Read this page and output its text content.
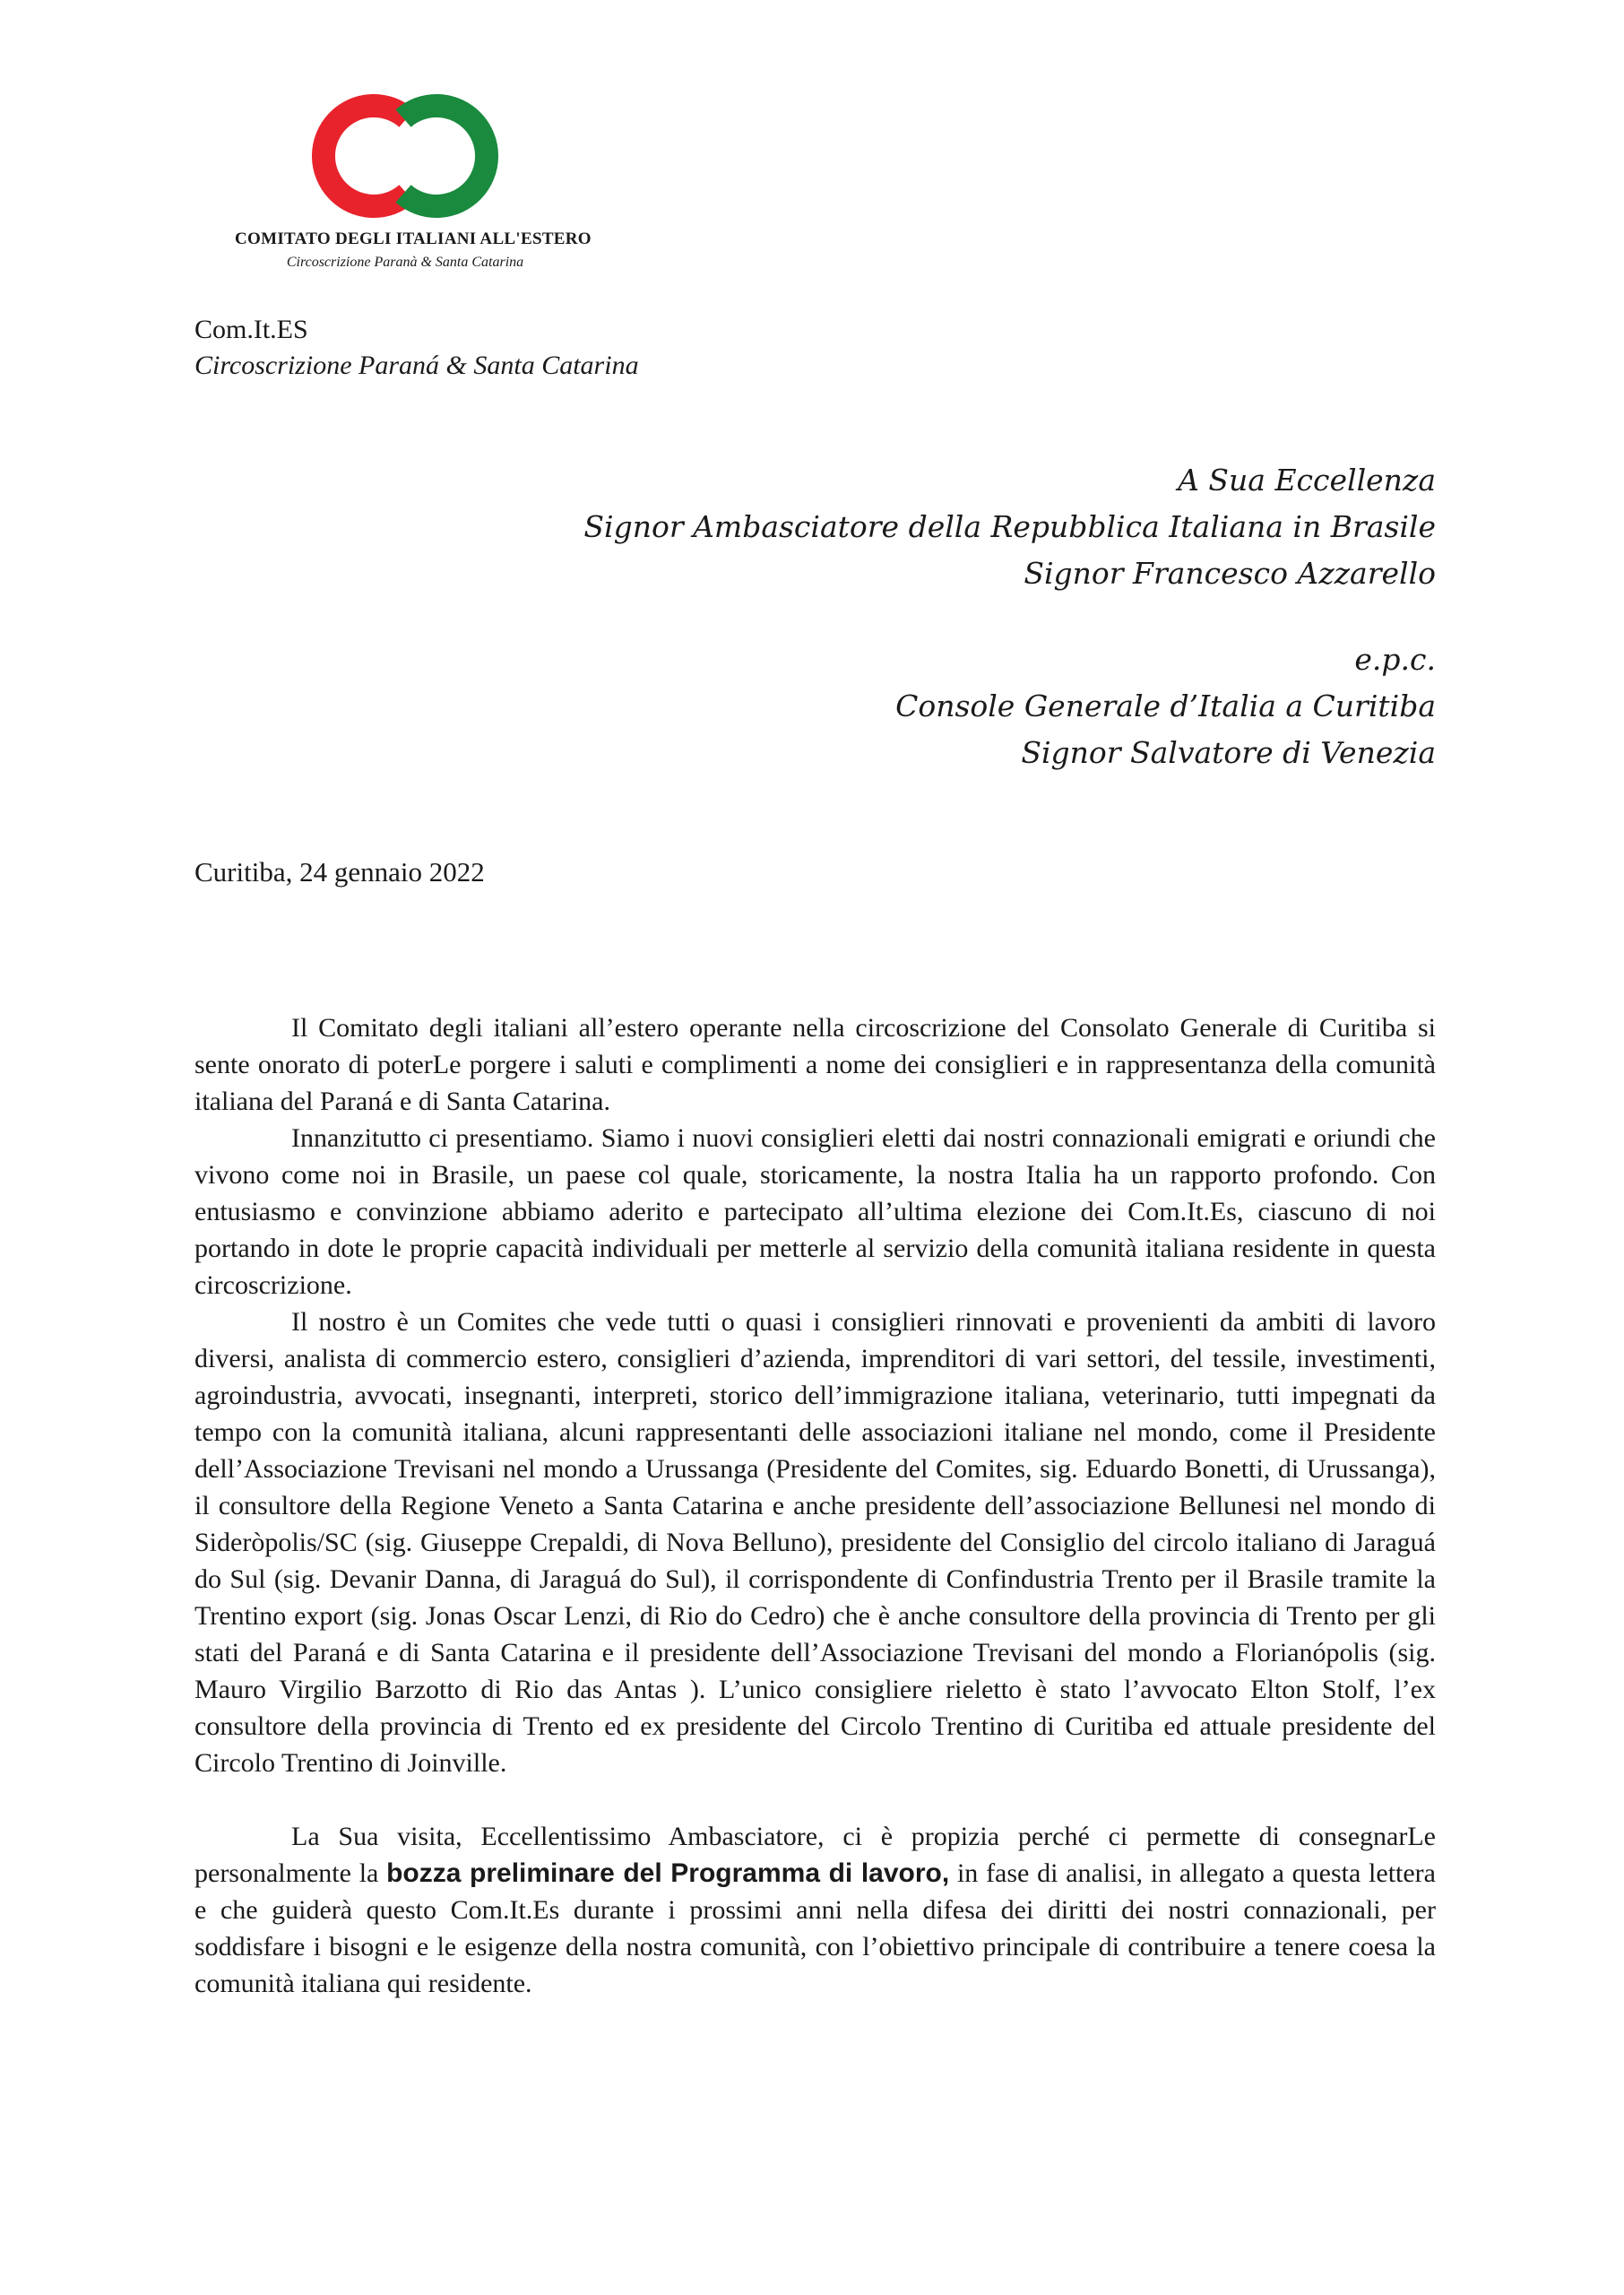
COMITATO DEGLI ITALIANI ALL'ESTERO
Circoscrizione Paranà & Santa Catarina
Com.It.ES
Circoscrizione Paraná & Santa Catarina
A Sua Eccellenza
Signor Ambasciatore della Repubblica Italiana in Brasile
Signor Francesco Azzarello
e.p.c.
Console Generale d’Italia a Curitiba
Signor Salvatore di Venezia
Curitiba, 24 gennaio 2022

Il Comitato degli italiani all’estero operante nella circoscrizione del Consolato Generale di Curitiba si sente onorato di poterLe porgere i saluti e complimenti a nome dei consiglieri e in rappresentanza della comunità italiana del Paraná e di Santa Catarina.

Innanzitutto ci presentiamo. Siamo i nuovi consiglieri eletti dai nostri connazionali emigrati e oriundi che vivono come noi in Brasile, un paese col quale, storicamente, la nostra Italia ha un rapporto profondo. Con entusiasmo e convinzione abbiamo aderito e partecipato all’ultima elezione dei Com.It.Es, ciascuno di noi portando in dote le proprie capacità individuali per metterle al servizio della comunità italiana residente in questa circoscrizione.

Il nostro è un Comites che vede tutti o quasi i consiglieri rinnovati e provenienti da ambiti di lavoro diversi, analista di commercio estero, consiglieri d’azienda, imprenditori di vari settori, del tessile, investimenti, agroindustria, avvocati, insegnanti, interpreti, storico dell’immigrazione italiana, veterinario, tutti impegnati da tempo con la comunità italiana, alcuni rappresentanti delle associazioni italiane nel mondo, come il Presidente dell’Associazione Trevisani nel mondo a Urussanga (Presidente del Comites, sig. Eduardo Bonetti, di Urussanga), il consultore della Regione Veneto a Santa Catarina e anche presidente dell’associazione Bellunesi nel mondo di Sideròpolis/SC (sig. Giuseppe Crepaldi, di Nova Belluno), presidente del Consiglio del circolo italiano di Jaraguá do Sul (sig. Devanir Danna, di Jaraguá do Sul), il corrispondente di Confindustria Trento per il Brasile tramite la Trentino export (sig. Jonas Oscar Lenzi, di Rio do Cedro) che è anche consultore della provincia di Trento per gli stati del Paraná e di Santa Catarina e il presidente dell’Associazione Trevisani del mondo a Florianópolis (sig. Mauro Virgilio Barzotto di Rio das Antas ). L’unico consigliere rieletto è stato l’avvocato Elton Stolf, l’ex consultore della provincia di Trento ed ex presidente del Circolo Trentino di Curitiba ed attuale presidente del Circolo Trentino di Joinville.

La Sua visita, Eccellentissimo Ambasciatore, ci è propizia perché ci permette di consegnarLe personalmente la bozza preliminare del Programma di lavoro, in fase di analisi, in allegato a questa lettera e che guiderà questo Com.It.Es durante i prossimi anni nella difesa dei diritti dei nostri connazionali, per soddisfare i bisogni e le esigenze della nostra comunità, con l’obiettivo principale di contribuire a tenere coesa la comunità italiana qui residente.
